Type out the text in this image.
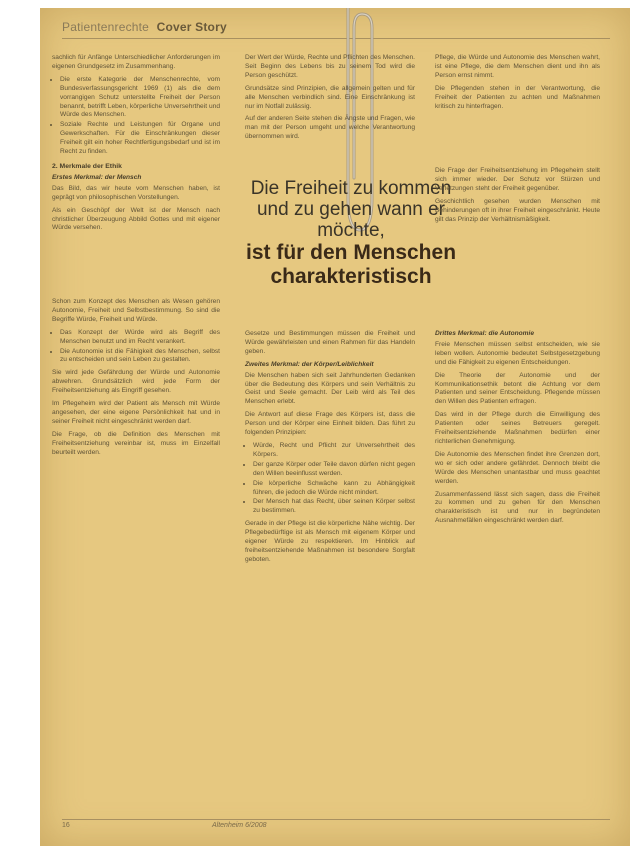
Patientenrechte Cover Story

sachlich für Anfänge Unterschiedlicher Anforderungen im eigenen Grundgesetz im Zusammenhang.

• Die erste Kategorie der Menschenrechte, vom Bundesverfassungsgericht 1969 (1) als die dem vorrangigen Schutz unterstellte Freiheit der Person benannt, betrifft Leben, körperliche Unversehrtheit und Würde des Menschen.
• Soziale Rechte und Leistungen für Organe und Gewerkschaften. Für die Einschränkungen dieser Freiheit gilt ein hoher Rechtfertigungsbedarf und ist im Recht zu finden.
2. Merkmale der Ethik
Erstes Merkmal: der Mensch

Das Bild, das wir heute vom Menschen haben, ist geprägt von philosophischen Vorstellungen.

Als ein Geschöpf der Welt ist der Mensch nach christlicher Überzeugung Abbild Gottes und mit eigener Würde versehen.

Schon zum Konzept des Menschen als Wesen gehören Autonomie, Freiheit und Selbstbestimmung. So sind die Begriffe Würde, Freiheit und Würde.

• Das Konzept der Würde wird als Begriff des Menschen benutzt und im Recht verankert.
• Die Autonomie ist die Fähigkeit des Menschen, selbst zu entscheiden und sein Leben zu gestalten.

Sie wird jede Gefährdung der Würde und Autonomie abwehren. Grundsätzlich wird jede Form der Freiheitsentziehung als Eingriff gesehen.

Im Pflegeheim wird der Patient als Mensch mit Würde angesehen, der eine eigene Persönlichkeit hat und in seiner Freiheit nicht eingeschränkt werden darf.

Die Frage, ob die Definition des Menschen mit Freiheitsentziehung vereinbar ist, muss im Einzelfall beurteilt werden.

Der Wert der Würde, Rechte und Pflichten des Menschen. Seit Beginn des Lebens bis zu seinem Tod wird die Person geschützt.

Grundsätze sind Prinzipien, die allgemein gelten und für alle Menschen verbindlich sind. Eine Einschränkung ist nur im Notfall zulässig.

Auf der anderen Seite stehen die Ängste und Fragen, wie man mit der Person umgeht und welche Verantwortung übernommen wird.

Die Freiheit zu kommen
und zu gehen wann er
möchte,
ist für den Menschen
charakteristisch

Gesetze und Bestimmungen müssen die Freiheit und Würde gewährleisten und einen Rahmen für das Handeln geben.

Zweites Merkmal: der Körper/Leiblichkeit

Die Menschen haben sich seit Jahrhunderten Gedanken über die Bedeutung des Körpers und sein Verhältnis zu Geist und Seele gemacht. Der Leib wird als Teil des Menschen erlebt.

Die Antwort auf diese Frage des Körpers ist, dass die Person und der Körper eine Einheit bilden. Das führt zu folgenden Prinzipien:

• Würde, Recht und Pflicht zur Unversehrtheit des Körpers.
• Der ganze Körper oder Teile davon dürfen nicht gegen den Willen beeinflusst werden.
• Die körperliche Schwäche kann zu Abhängigkeit führen, die jedoch die Würde nicht mindert.
• Der Mensch hat das Recht, über seinen Körper selbst zu bestimmen.

Gerade in der Pflege ist die körperliche Nähe wichtig. Der Pflegebedürftige ist als Mensch mit eigenem Körper und eigener Würde zu respektieren. Im Hinblick auf freiheitsentziehende Maßnahmen ist besondere Sorgfalt geboten.

Pflege, die Würde und Autonomie des Menschen wahrt, ist eine Pflege, die dem Menschen dient und ihn als Person ernst nimmt.

Die Pflegenden stehen in der Verantwortung, die Freiheit der Patienten zu achten und Maßnahmen kritisch zu hinterfragen.

Die Frage der Freiheitsentziehung im Pflegeheim stellt sich immer wieder. Der Schutz vor Stürzen und Verletzungen steht der Freiheit gegenüber.

Geschichtlich gesehen wurden Menschen mit Behinderungen oft in ihrer Freiheit eingeschränkt. Heute gilt das Prinzip der Verhältnismäßigkeit.

Drittes Merkmal: die Autonomie

Freie Menschen müssen selbst entscheiden, wie sie leben wollen. Autonomie bedeutet Selbstgesetzgebung und die Fähigkeit zu eigenen Entscheidungen.

Die Theorie der Autonomie und der Kommunikationsethik betont die Achtung vor dem Patienten und seiner Entscheidung. Pflegende müssen den Willen des Patienten erfragen.

Das wird in der Pflege durch die Einwilligung des Patienten oder seines Betreuers geregelt. Freiheitsentziehende Maßnahmen bedürfen einer richterlichen Genehmigung.

Die Autonomie des Menschen findet ihre Grenzen dort, wo er sich oder andere gefährdet. Dennoch bleibt die Würde des Menschen unantastbar und muss geachtet werden.

Zusammenfassend lässt sich sagen, dass die Freiheit zu kommen und zu gehen für den Menschen charakteristisch ist und nur in begründeten Ausnahmefällen eingeschränkt werden darf.

16	Altenheim 6/2008
